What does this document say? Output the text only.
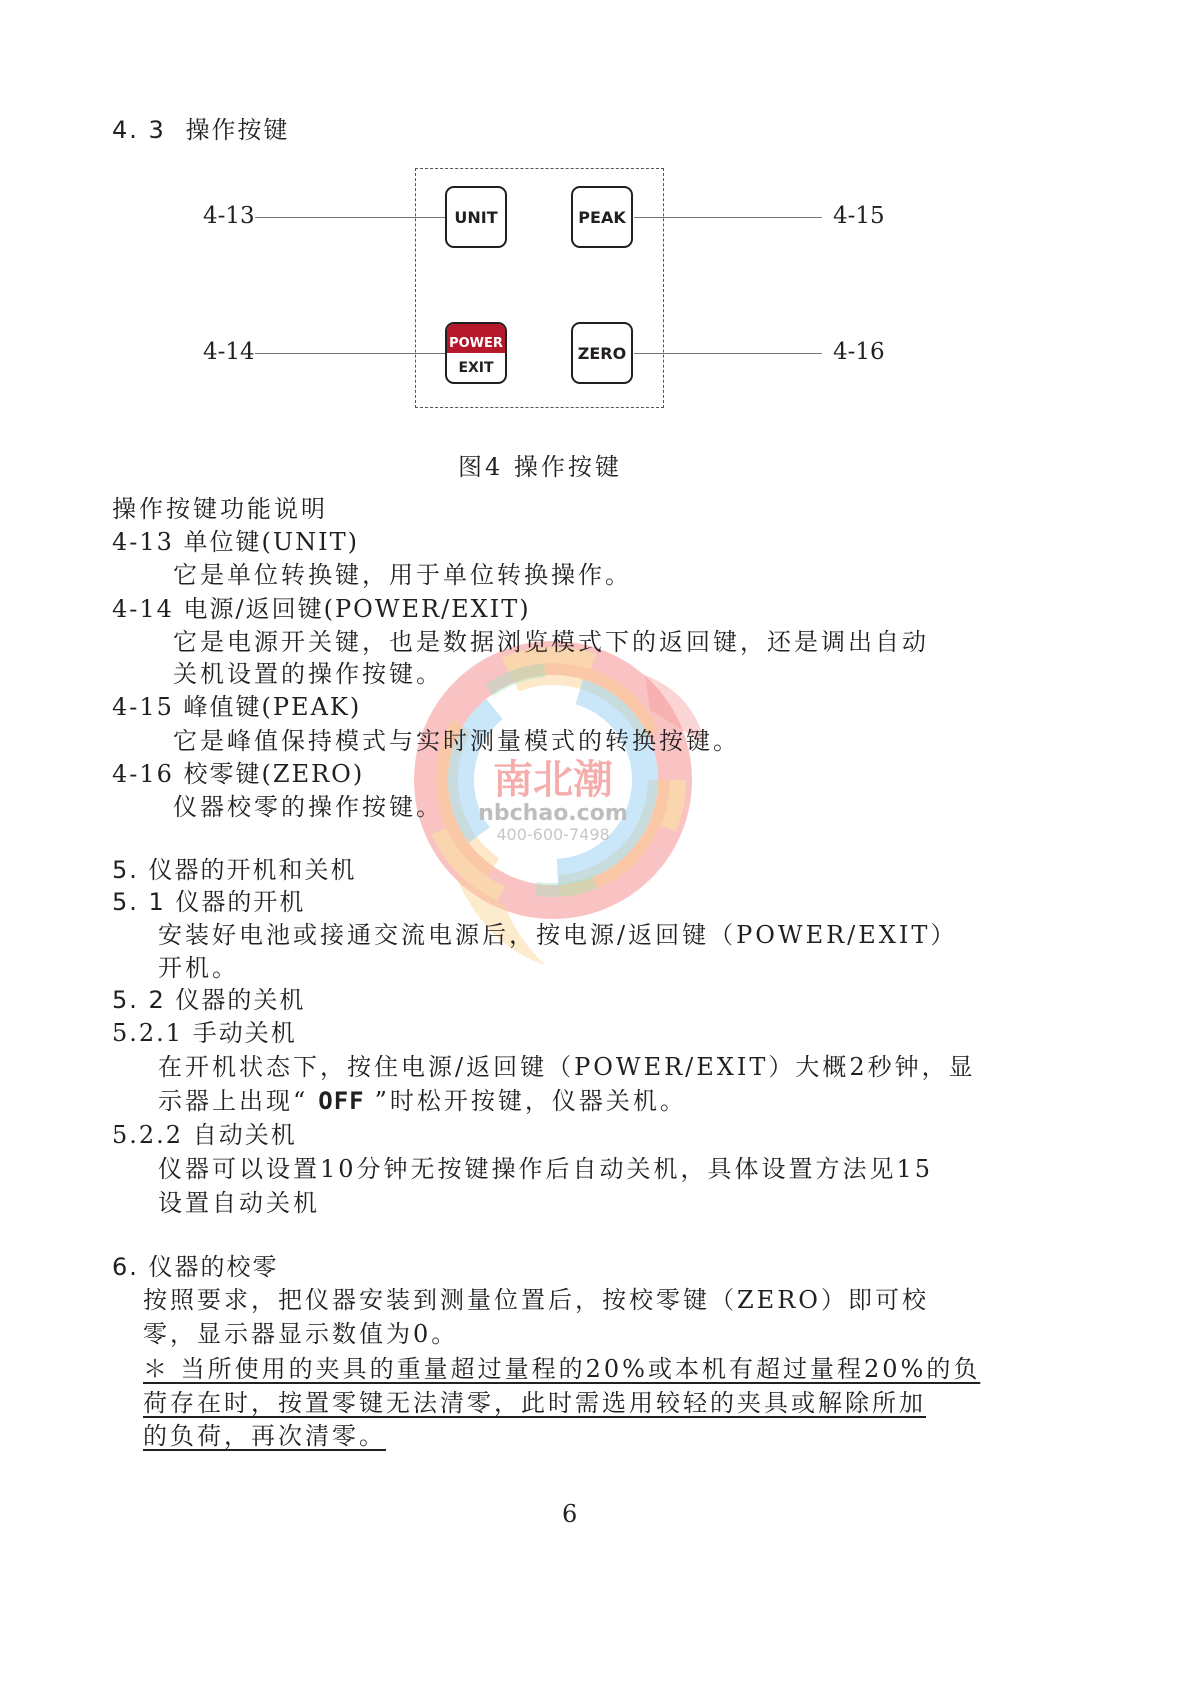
4. 3 操作按键
4-13
4-14
4-15
4-16
UNIT	PEAK
POWER
EXIT
ZERO
图4 操作按键
南北潮
nbchao.com
400-600-7498
操作按键功能说明
4-13 单位键(UNIT)
它是单位转换键，用于单位转换操作。
4-14 电源/返回键(POWER/EXIT)
它是电源开关键，也是数据浏览模式下的返回键，还是调出自动
关机设置的操作按键。
4-15 峰值键(PEAK)
它是峰值保持模式与实时测量模式的转换按键。
4-16 校零键(ZERO)
仪器校零的操作按键。
5. 仪器的开机和关机
5. 1 仪器的开机
安装好电池或接通交流电源后，按电源/返回键（POWER/EXIT）
开机。
5. 2 仪器的关机
5.2.1 手动关机
在开机状态下，按住电源/返回键（POWER/EXIT）大概2秒钟，显
示器上出现“ OFF ”时松开按键，仪器关机。
5.2.2 自动关机
仪器可以设置10分钟无按键操作后自动关机，具体设置方法见15
设置自动关机
6. 仪器的校零
按照要求，把仪器安装到测量位置后，按校零键（ZERO）即可校
零，显示器显示数值为0。
＊ 当所使用的夹具的重量超过量程的20%或本机有超过量程20%的负
荷存在时，按置零键无法清零，此时需选用较轻的夹具或解除所加
的负荷，再次清零。
6
